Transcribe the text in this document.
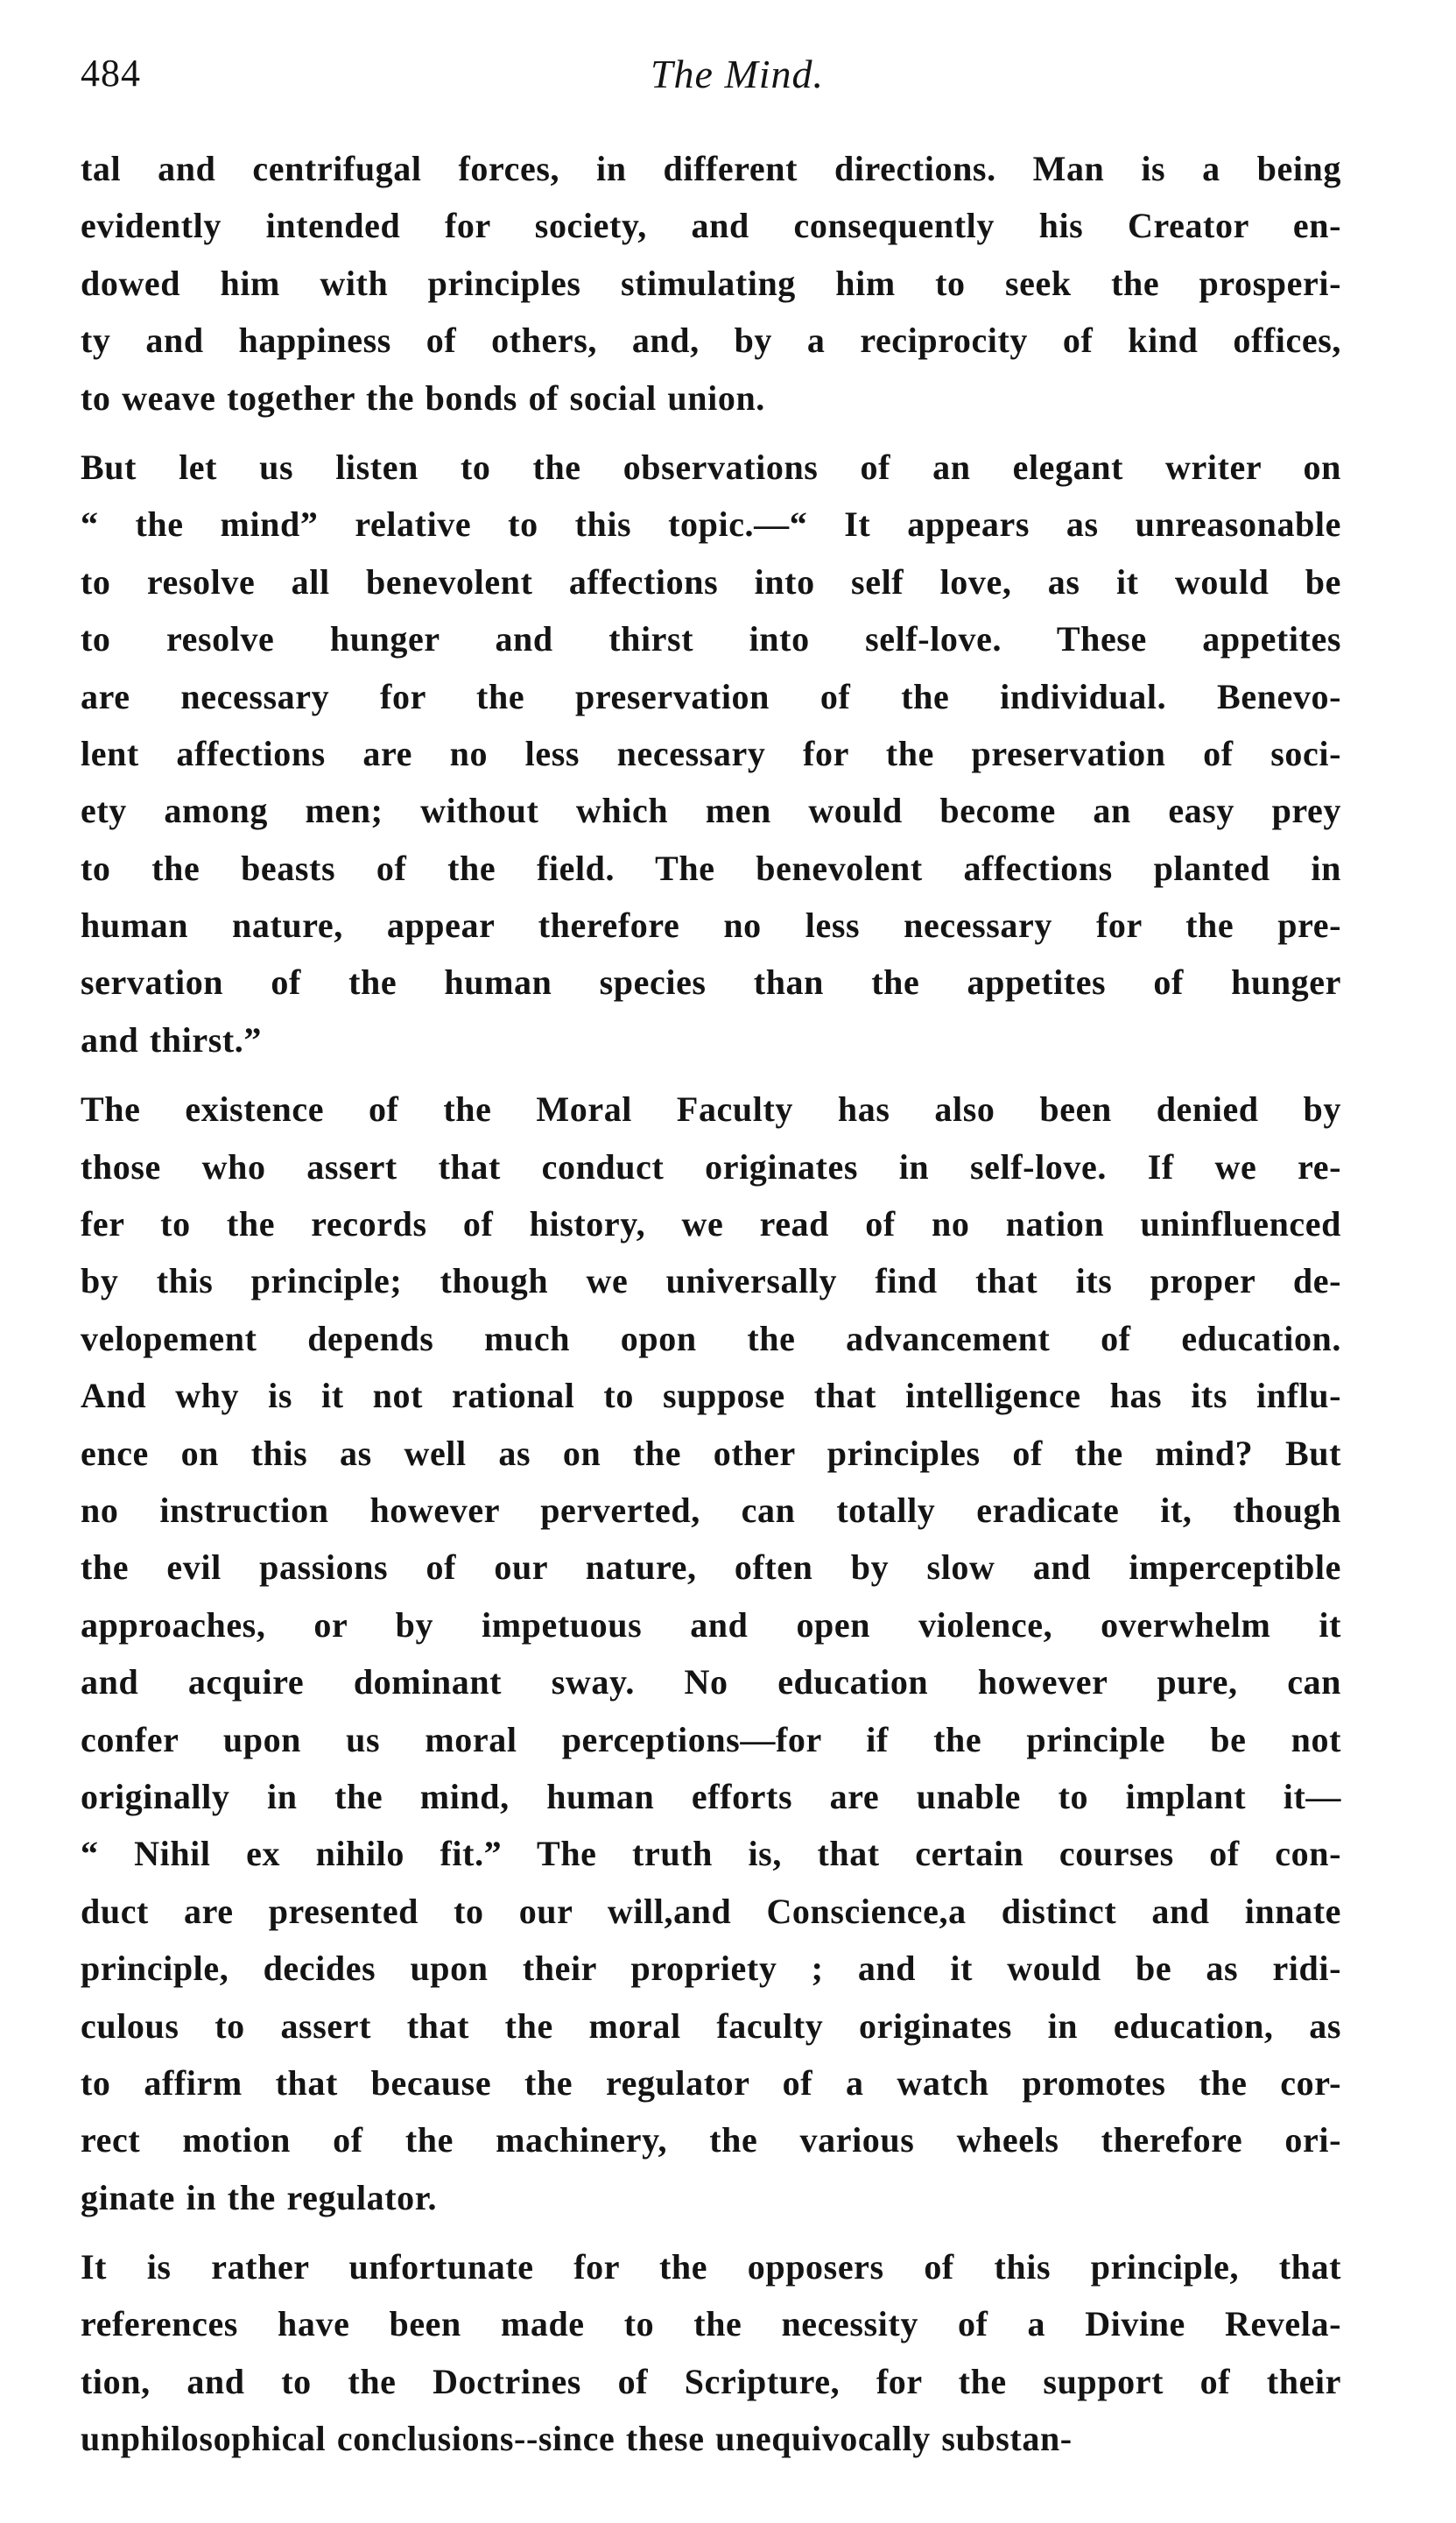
484	The Mind.
tal and centrifugal forces, in different directions. Man is a being
evidently intended for society, and consequently his Creator en-
dowed him with principles stimulating him to seek the prosperi-
ty and happiness of others, and, by a reciprocity of kind offices,
to weave together the bonds of social union.
But let us listen to the observations of an elegant writer on
“ the mind” relative to this topic.—“ It appears as unreasonable
to resolve all benevolent affections into self love, as it would be
to resolve hunger and thirst into self-love. These appetites
are necessary for the preservation of the individual. Benevo-
lent affections are no less necessary for the preservation of soci-
ety among men; without which men would become an easy prey
to the beasts of the field. The benevolent affections planted in
human nature, appear therefore no less necessary for the pre-
servation of the human species than the appetites of hunger
and thirst.”
The existence of the Moral Faculty has also been denied by
those who assert that conduct originates in self-love. If we re-
fer to the records of history, we read of no nation uninfluenced
by this principle; though we universally find that its proper de-
velopement depends much opon the advancement of education.
And why is it not rational to suppose that intelligence has its influ-
ence on this as well as on the other principles of the mind? But
no instruction however perverted, can totally eradicate it, though
the evil passions of our nature, often by slow and imperceptible
approaches, or by impetuous and open violence, overwhelm it
and acquire dominant sway. No education however pure, can
confer upon us moral perceptions—for if the principle be not
originally in the mind, human efforts are unable to implant it—
“ Nihil ex nihilo fit.” The truth is, that certain courses of con-
duct are presented to our will,and Conscience,a distinct and innate
principle, decides upon their propriety ; and it would be as ridi-
culous to assert that the moral faculty originates in education, as
to affirm that because the regulator of a watch promotes the cor-
rect motion of the machinery, the various wheels therefore ori-
ginate in the regulator.
It is rather unfortunate for the opposers of this principle, that
references have been made to the necessity of a Divine Revela-
tion, and to the Doctrines of Scripture, for the support of their
unphilosophical conclusions--since these unequivocally substan-
